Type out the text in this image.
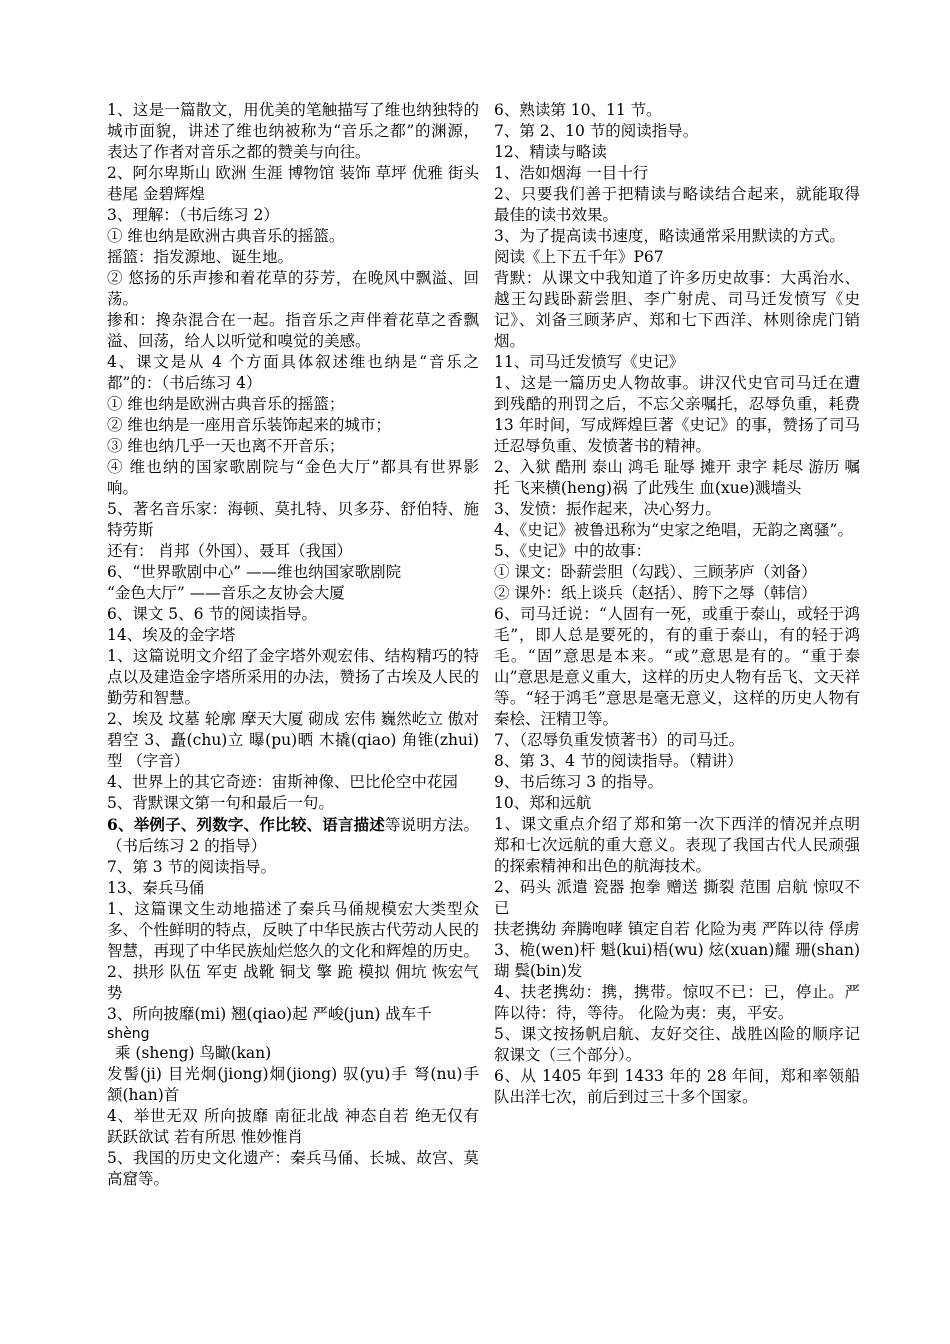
1、这是一篇散文，用优美的笔触描写了维也纳独特的城市面貌，讲述了维也纳被称为“音乐之都”的渊源，表达了作者对音乐之都的赞美与向往。

2、阿尔卑斯山 欧洲 生涯 博物馆 装饰 草坪 优雅 街头巷尾 金碧辉煌

3、理解：（书后练习 2）

① 维也纳是欧洲古典音乐的摇篮。

摇篮：指发源地、诞生地。

② 悠扬的乐声掺和着花草的芬芳，在晚风中飘溢、回荡。

掺和：搀杂混合在一起。指音乐之声伴着花草之香飘溢、回荡，给人以听觉和嗅觉的美感。

4、课文是从 4 个方面具体叙述维也纳是“音乐之都”的：（书后练习 4）

① 维也纳是欧洲古典音乐的摇篮；

② 维也纳是一座用音乐装饰起来的城市；

③ 维也纳几乎一天也离不开音乐；

④ 维也纳的国家歌剧院与“金色大厅”都具有世界影响。

5、著名音乐家：海顿、莫扎特、贝多芬、舒伯特、施特劳斯

还有： 肖邦（外国）、聂耳（我国）

6、“世界歌剧中心” ——维也纳国家歌剧院

“金色大厅” ——音乐之友协会大厦

6、课文 5、6 节的阅读指导。

14、埃及的金字塔

1、这篇说明文介绍了金字塔外观宏伟、结构精巧的特点以及建造金字塔所采用的办法，赞扬了古埃及人民的勤劳和智慧。

2、埃及 坟墓 轮廓 摩天大厦 砌成 宏伟 巍然屹立 傲对碧空 3、矗(chu)立 曝(pu)晒 木撬(qiao) 角锥(zhui)型 （字音）

4、世界上的其它奇迹：宙斯神像、巴比伦空中花园

5、背默课文第一句和最后一句。

6、举例子、列数字、作比较、语言描述等说明方法。（书后练习 2 的指导）

7、第 3 节的阅读指导。

13、秦兵马俑

1、这篇课文生动地描述了秦兵马俑规模宏大类型众多、个性鲜明的特点，反映了中华民族古代劳动人民的智慧，再现了中华民族灿烂悠久的文化和辉煌的历史。

2、拱形 队伍 军吏 战靴 铜戈 擎 跪 模拟 佣坑 恢宏气势

3、所向披靡(mi) 翘(qiao)起 严峻(jun) 战车千

shèng

乘 (sheng) 鸟瞰(kan)

发髻(ji) 目光炯(jiong)炯(jiong) 驭(yu)手 弩(nu)手 颔(han)首

4、举世无双 所向披靡 南征北战 神态自若 绝无仅有 跃跃欲试 若有所思 惟妙惟肖

5、我国的历史文化遗产：秦兵马俑、长城、故宫、莫高窟等。

6、熟读第 10、11 节。

7、第 2、10 节的阅读指导。

12、精读与略读

1、浩如烟海 一目十行

2、只要我们善于把精读与略读结合起来，就能取得最佳的读书效果。

3、为了提高读书速度，略读通常采用默读的方式。

阅读《上下五千年》P67

背默：从课文中我知道了许多历史故事：大禹治水、越王勾践卧薪尝胆、李广射虎、司马迁发愤写《史记》、刘备三顾茅庐、郑和七下西洋、林则徐虎门销烟。

11、司马迁发愤写《史记》

1、这是一篇历史人物故事。讲汉代史官司马迁在遭到残酷的刑罚之后，不忘父亲嘱托，忍辱负重，耗费 13 年时间，写成辉煌巨著《史记》的事，赞扬了司马迁忍辱负重、发愤著书的精神。

2、入狱 酷刑 泰山 鸿毛 耻辱 摊开 隶字 耗尽 游历 嘱托 飞来横(heng)祸 了此残生 血(xue)溅墙头

3、发愤：振作起来，决心努力。

4、《史记》被鲁迅称为“史家之绝唱，无韵之离骚”。

5、《史记》中的故事：

① 课文：卧薪尝胆（勾践）、三顾茅庐（刘备）

② 课外：纸上谈兵（赵括）、胯下之辱（韩信）

6、司马迁说：“人固有一死，或重于泰山，或轻于鸿毛”，即人总是要死的，有的重于泰山，有的轻于鸿毛。“固”意思是本来。“或”意思是有的。“重于泰山”意思是意义重大，这样的历史人物有岳飞、文天祥等。“轻于鸿毛”意思是毫无意义，这样的历史人物有秦桧、汪精卫等。

7、（忍辱负重发愤著书）的司马迁。

8、第 3、4 节的阅读指导。（精讲）

9、书后练习 3 的指导。

10、郑和远航

1、课文重点介绍了郑和第一次下西洋的情况并点明郑和七次远航的重大意义。表现了我国古代人民顽强的探索精神和出色的航海技术。

2、码头 派遣 瓷器 抱拳 赠送 撕裂 范围 启航 惊叹不已

扶老携幼 奔腾咆哮 镇定自若 化险为夷 严阵以待 俘虏

3、桅(wen)杆 魁(kui)梧(wu) 炫(xuan)耀 珊(shan)瑚 鬓(bin)发

4、扶老携幼：携，携带。惊叹不已：已，停止。严阵以待：待，等待。 化险为夷：夷，平安。

5、课文按扬帆启航、友好交往、战胜凶险的顺序记叙课文（三个部分）。

6、从 1405 年到 1433 年的 28 年间，郑和率领船队出洋七次，前后到过三十多个国家。
